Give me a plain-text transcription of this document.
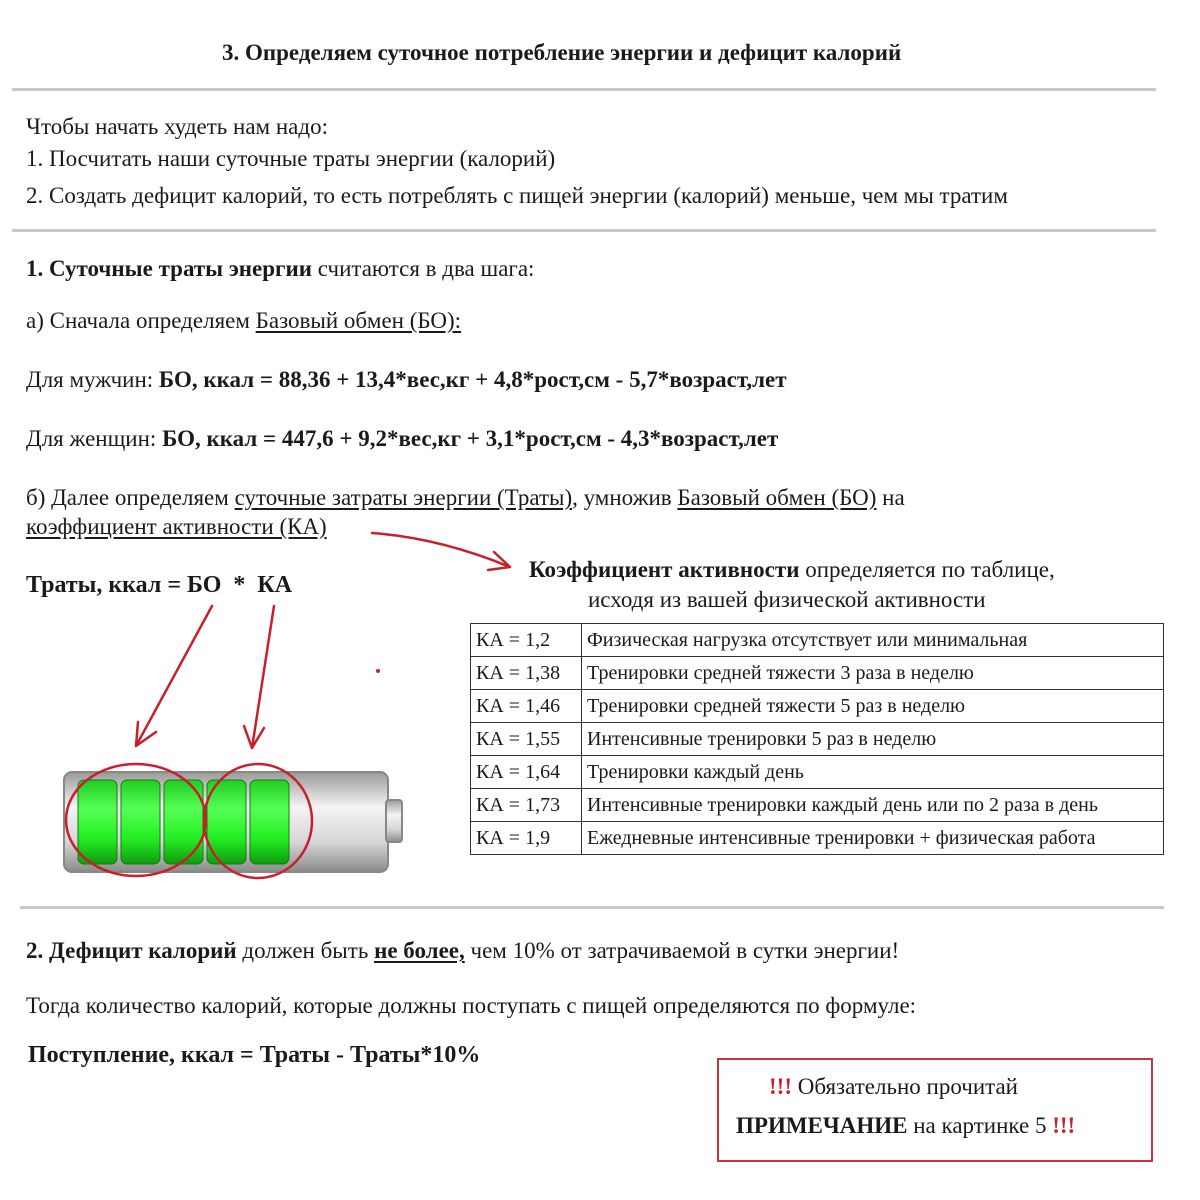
3. Определяем суточное потребление энергии и дефицит калорий
Чтобы начать худеть нам надо:
1. Посчитать наши суточные траты энергии (калорий)
2. Создать дефицит калорий, то есть потреблять с пищей энергии (калорий) меньше, чем мы тратим
1. Суточные траты энергии считаются в два шага:
а) Сначала определяем Базовый обмен (БО):
Для мужчин: БО, ккал = 88,36 + 13,4*вес,кг + 4,8*рост,см - 5,7*возраст,лет
Для женщин: БО, ккал = 447,6 + 9,2*вес,кг + 3,1*рост,см - 4,3*возраст,лет
б) Далее определяем суточные затраты энергии (Траты), умножив Базовый обмен (БО) на
коэффициент активности (КА)
Траты, ккал = БО  *  КА
Коэффициент активности определяется по таблице,
исходя из вашей физической активности
КА = 1,2	Физическая нагрузка отсутствует или минимальная
КА = 1,38	Тренировки средней тяжести 3 раза в неделю
КА = 1,46	Тренировки средней тяжести 5 раз в неделю
КА = 1,55	Интенсивные тренировки 5 раз в неделю
КА = 1,64	Тренировки каждый день
КА = 1,73	Интенсивные тренировки каждый день или по 2 раза в день
КА = 1,9	Ежедневные интенсивные тренировки + физическая работа
2. Дефицит калорий должен быть не более, чем 10% от затрачиваемой в сутки энергии!
Тогда количество калорий, которые должны поступать с пищей определяются по формуле:
Поступление, ккал = Траты - Траты*10%
!!! Обязательно прочитай
ПРИМЕЧАНИЕ на картинке 5 !!!
